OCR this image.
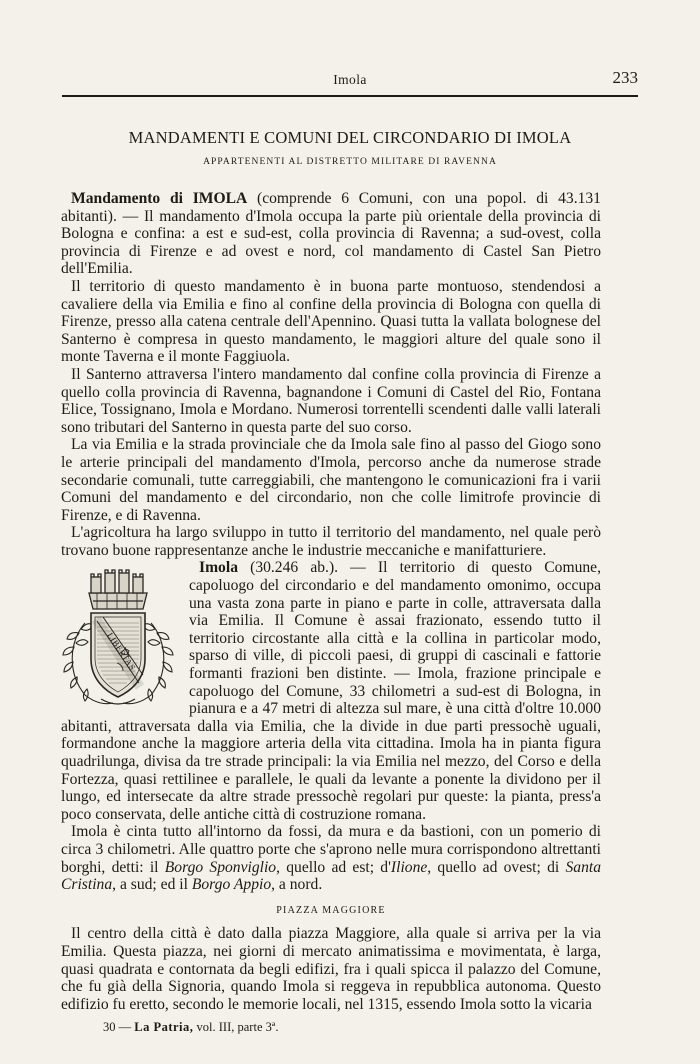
Imola	233
MANDAMENTI E COMUNI DEL CIRCONDARIO DI IMOLA
APPARTENENTI AL DISTRETTO MILITARE DI RAVENNA

Mandamento di IMOLA (comprende 6 Comuni, con una popol. di 43.131 abitanti). — Il mandamento d'Imola occupa la parte più orientale della provincia di Bologna e confina: a est e sud-est, colla provincia di Ravenna; a sud-ovest, colla provincia di Firenze e ad ovest e nord, col mandamento di Castel San Pietro dell'Emilia.

Il territorio di questo mandamento è in buona parte montuoso, stendendosi a cavaliere della via Emilia e fino al confine della provincia di Bologna con quella di Firenze, presso alla catena centrale dell'Apennino. Quasi tutta la vallata bolognese del Santerno è compresa in questo mandamento, le maggiori alture del quale sono il monte Taverna e il monte Faggiuola.

Il Santerno attraversa l'intero mandamento dal confine colla provincia di Firenze a quello colla provincia di Ravenna, bagnandone i Comuni di Castel del Rio, Fontana Elice, Tossignano, Imola e Mordano. Numerosi torrentelli scendenti dalle valli laterali sono tributari del Santerno in questa parte del suo corso.

La via Emilia e la strada provinciale che da Imola sale fino al passo del Giogo sono le arterie principali del mandamento d'Imola, percorso anche da numerose strade secondarie comunali, tutte carreggiabili, che mantengono le comunicazioni fra i varii Comuni del mandamento e del circondario, non che colle limitrofe provincie di Firenze, e di Ravenna.

L'agricoltura ha largo sviluppo in tutto il territorio del mandamento, nel quale però trovano buone rappresentanze anche le industrie meccaniche e manifatturiere.

LIBERTAS

Imola (30.246 ab.). — Il territorio di questo Comune, capoluogo del circondario e del mandamento omonimo, occupa una vasta zona parte in piano e parte in colle, attraversata dalla via Emilia. Il Comune è assai frazionato, essendo tutto il territorio circostante alla città e la collina in particolar modo, sparso di ville, di piccoli paesi, di gruppi di cascinali e fattorie formanti frazioni ben distinte. — Imola, frazione principale e capoluogo del Comune, 33 chilometri a sud-est di Bologna, in pianura e a 47 metri di altezza sul mare, è una città d'oltre 10.000 abitanti, attraversata dalla via Emilia, che la divide in due parti pressochè uguali, formandone anche la maggiore arteria della vita cittadina. Imola ha in pianta figura quadrilunga, divisa da tre strade principali: la via Emilia nel mezzo, del Corso e della Fortezza, quasi rettilinee e parallele, le quali da levante a ponente la dividono per il lungo, ed intersecate da altre strade pressochè regolari pur queste: la pianta, press'a poco conservata, delle antiche città di costruzione romana.

Imola è cinta tutto all'intorno da fossi, da mura e da bastioni, con un pomerio di circa 3 chilometri. Alle quattro porte che s'aprono nelle mura corrispondono altrettanti borghi, detti: il Borgo Sponviglio, quello ad est; d'Ilione, quello ad ovest; di Santa Cristina, a sud; ed il Borgo Appio, a nord.

PIAZZA MAGGIORE

Il centro della città è dato dalla piazza Maggiore, alla quale si arriva per la via Emilia. Questa piazza, nei giorni di mercato animatissima e movimentata, è larga, quasi quadrata e contornata da begli edifizi, fra i quali spicca il palazzo del Comune, che fu già della Signoria, quando Imola si reggeva in repubblica autonoma. Questo edifizio fu eretto, secondo le memorie locali, nel 1315, essendo Imola sotto la vicaria

30 — La Patria, vol. III, parte 3ª.
